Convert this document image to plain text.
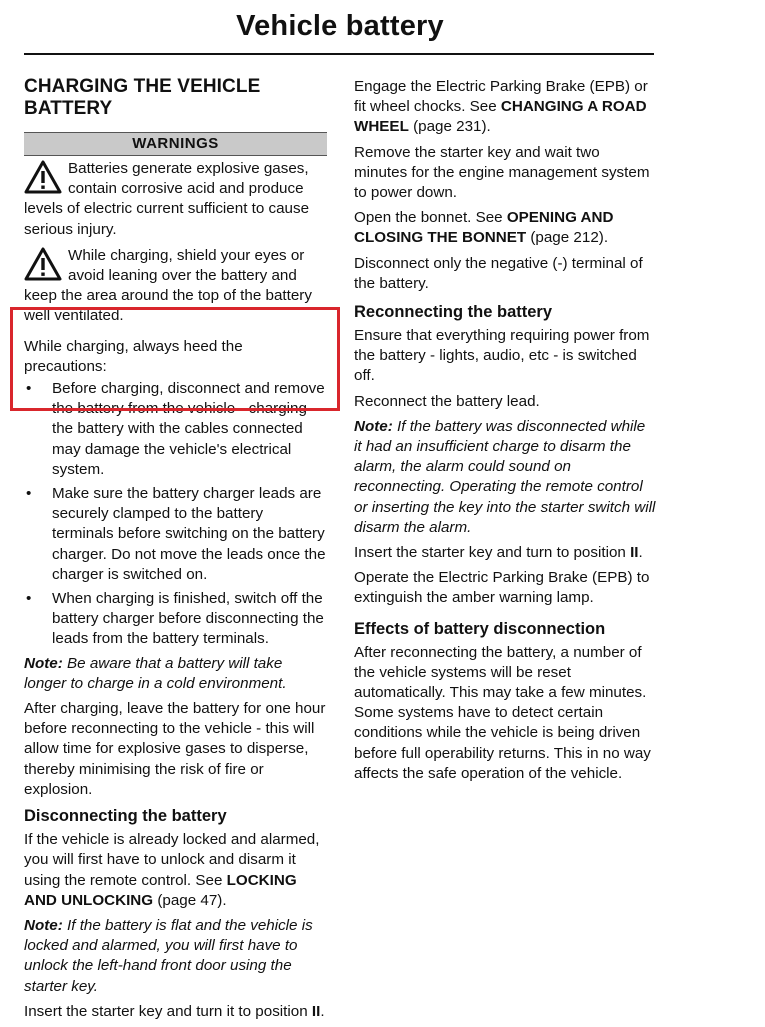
Vehicle battery
CHARGING THE VEHICLE BATTERY
WARNINGS
Batteries generate explosive gases, contain corrosive acid and produce levels of electric current sufficient to cause serious injury.
While charging, shield your eyes or avoid leaning over the battery and keep the area around the top of the battery well ventilated.

While charging, always heed the precautions:

• Before charging, disconnect and remove the battery from the vehicle - charging the battery with the cables connected may damage the vehicle's electrical system.
• Make sure the battery charger leads are securely clamped to the battery terminals before switching on the battery charger. Do not move the leads once the charger is switched on.
• When charging is finished, switch off the battery charger before disconnecting the leads from the battery terminals.

Note: Be aware that a battery will take longer to charge in a cold environment.

After charging, leave the battery for one hour before reconnecting to the vehicle - this will allow time for explosive gases to disperse, thereby minimising the risk of fire or explosion.

Disconnecting the battery

If the vehicle is already locked and alarmed, you will first have to unlock and disarm it using the remote control. See LOCKING AND UNLOCKING (page 47).

Note: If the battery is flat and the vehicle is locked and alarmed, you will first have to unlock the left-hand front door using the starter key.

Insert the starter key and turn it to position II.

Engage the Electric Parking Brake (EPB) or fit wheel chocks. See CHANGING A ROAD WHEEL (page 231).

Remove the starter key and wait two minutes for the engine management system to power down.

Open the bonnet. See OPENING AND CLOSING THE BONNET (page 212).

Disconnect only the negative (-) terminal of the battery.

Reconnecting the battery

Ensure that everything requiring power from the battery - lights, audio, etc - is switched off.

Reconnect the battery lead.

Note: If the battery was disconnected while it had an insufficient charge to disarm the alarm, the alarm could sound on reconnecting. Operating the remote control or inserting the key into the starter switch will disarm the alarm.

Insert the starter key and turn to position II.

Operate the Electric Parking Brake (EPB) to extinguish the amber warning lamp.

Effects of battery disconnection

After reconnecting the battery, a number of the vehicle systems will be reset automatically. This may take a few minutes. Some systems have to detect certain conditions while the vehicle is being driven before full operability returns. This in no way affects the safe operation of the vehicle.
